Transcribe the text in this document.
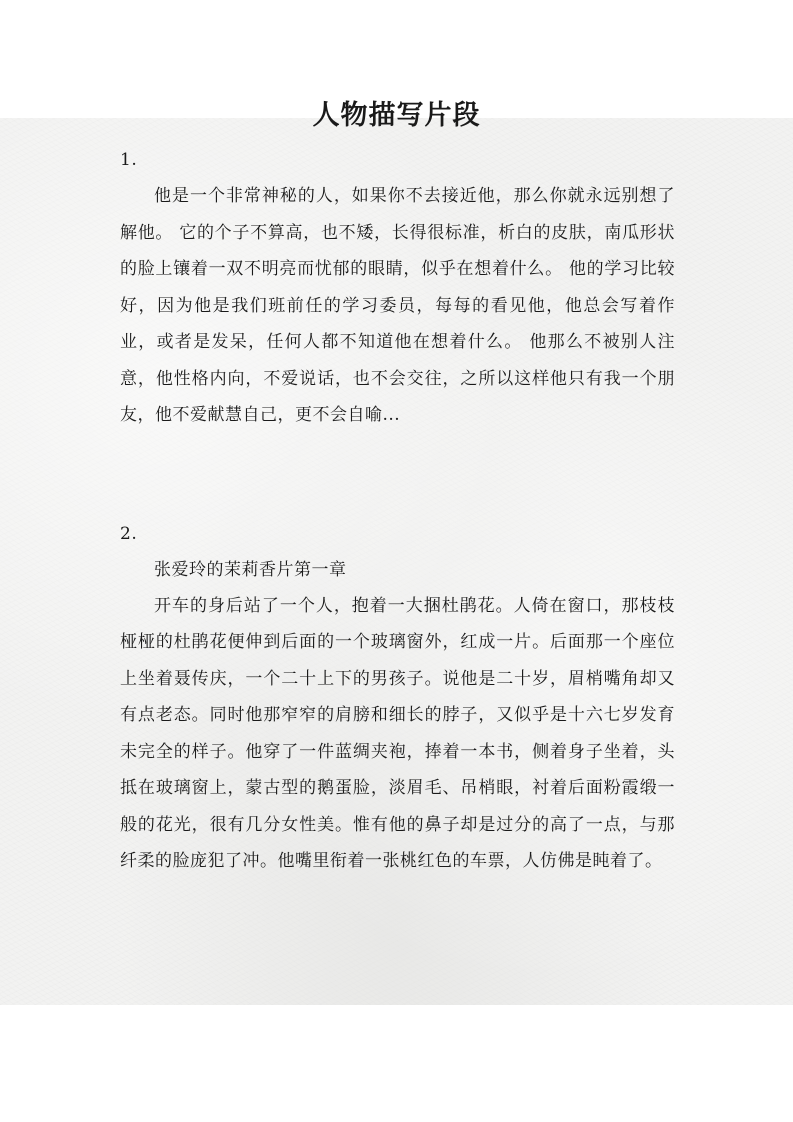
人物描写片段

1.

他是一个非常神秘的人，如果你不去接近他，那么你就永远别想了解他。 它的个子不算高，也不矮，长得很标准，析白的皮肤，南瓜形状的脸上镶着一双不明亮而忧郁的眼睛，似乎在想着什么。 他的学习比较好，因为他是我们班前任的学习委员，每每的看见他，他总会写着作业，或者是发呆，任何人都不知道他在想着什么。 他那么不被别人注意，他性格内向，不爱说话，也不会交往，之所以这样他只有我一个朋友，他不爱献慧自己，更不会自喻...

2.

张爱玲的茉莉香片第一章

开车的身后站了一个人，抱着一大捆杜鹃花。人倚在窗口，那枝枝桠桠的杜鹃花便伸到后面的一个玻璃窗外，红成一片。后面那一个座位上坐着聂传庆，一个二十上下的男孩子。说他是二十岁，眉梢嘴角却又有点老态。同时他那窄窄的肩膀和细长的脖子，又似乎是十六七岁发育未完全的样子。他穿了一件蓝绸夹袍，捧着一本书，侧着身子坐着，头抵在玻璃窗上，蒙古型的鹅蛋脸，淡眉毛、吊梢眼，衬着后面粉霞缎一般的花光，很有几分女性美。惟有他的鼻子却是过分的高了一点，与那纤柔的脸庞犯了冲。他嘴里衔着一张桃红色的车票，人仿佛是盹着了。
